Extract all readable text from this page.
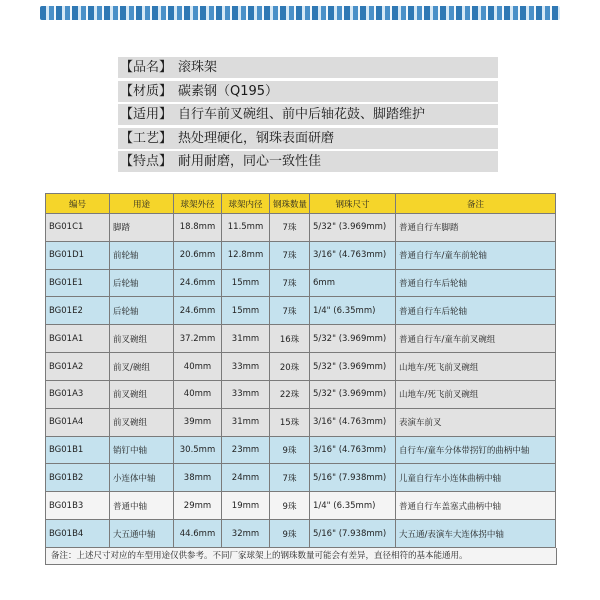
【品名】 滚珠架
【材质】 碳素钢（Q195）
【适用】 自行车前叉碗组、前中后轴花鼓、脚踏维护
【工艺】 热处理硬化，钢珠表面研磨
【特点】 耐用耐磨，同心一致性佳
编号	用途	球架外径	球架内径	钢珠数量	钢珠尺寸	备注
BG01C1	脚踏	18.8mm	11.5mm	7珠	5/32" (3.969mm)	普通自行车脚踏
BG01D1	前轮轴	20.6mm	12.8mm	7珠	3/16" (4.763mm)	普通自行车/童车前轮轴
BG01E1	后轮轴	24.6mm	15mm	7珠	6mm	普通自行车后轮轴
BG01E2	后轮轴	24.6mm	15mm	7珠	1/4" (6.35mm)	普通自行车后轮轴
BG01A1	前叉碗组	37.2mm	31mm	16珠	5/32" (3.969mm)	普通自行车/童车前叉碗组
BG01A2	前叉/碗组	40mm	33mm	20珠	5/32" (3.969mm)	山地车/死飞前叉碗组
BG01A3	前叉碗组	40mm	33mm	22珠	5/32" (3.969mm)	山地车/死飞前叉碗组
BG01A4	前叉碗组	39mm	31mm	15珠	3/16" (4.763mm)	表演车前叉
BG01B1	销钉中轴	30.5mm	23mm	9珠	3/16" (4.763mm)	自行车/童车分体带拐钉的曲柄中轴
BG01B2	小连体中轴	38mm	24mm	7珠	5/16" (7.938mm)	儿童自行车小连体曲柄中轴
BG01B3	普通中轴	29mm	19mm	9珠	1/4" (6.35mm)	普通自行车盖塞式曲柄中轴
BG01B4	大五通中轴	44.6mm	32mm	9珠	5/16" (7.938mm)	大五通/表演车大连体拐中轴
备注：上述尺寸对应的车型用途仅供参考。不同厂家球架上的钢珠数量可能会有差异，直径相符的基本能通用。
